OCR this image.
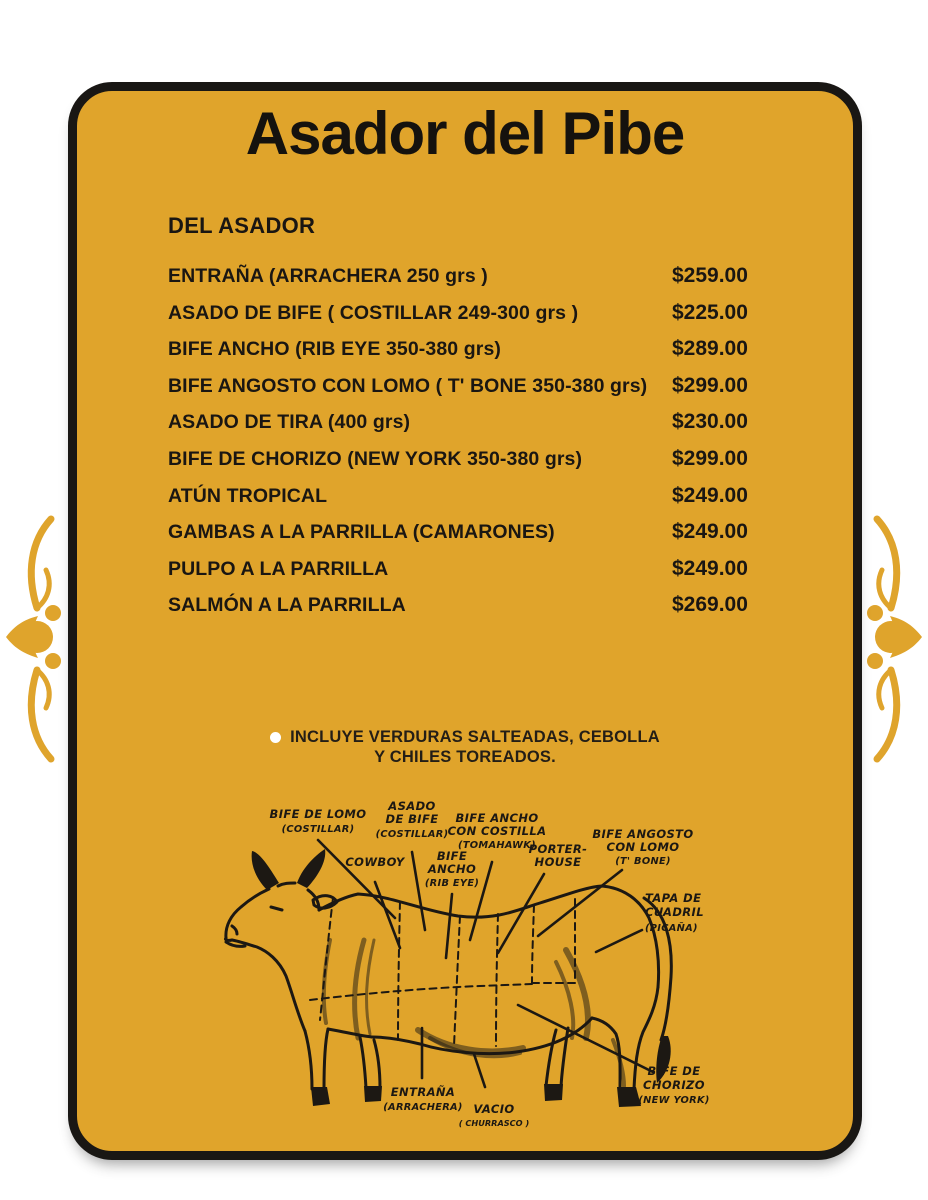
Asador del Pibe
DEL ASADOR
ENTRAÑA (ARRACHERA 250 grs )	$259.00
ASADO DE BIFE ( COSTILLAR 249-300 grs )	$225.00
BIFE ANCHO (RIB EYE 350-380 grs)	$289.00
BIFE ANGOSTO CON LOMO ( T' BONE 350-380 grs) $299.00
ASADO DE TIRA (400 grs)	$230.00
BIFE DE CHORIZO (NEW YORK 350-380 grs)	$299.00
ATÚN TROPICAL	$249.00
GAMBAS A LA PARRILLA (CAMARONES)	$249.00
PULPO A LA PARRILLA	$249.00
SALMÓN A LA PARRILLA	$269.00
INCLUYE VERDURAS SALTEADAS, CEBOLLA
Y CHILES TOREADOS.
BIFE DE LOMO
(COSTILLAR)
ASADO
DE BIFE
(COSTILLAR)
BIFE ANCHO
CON COSTILLA
(TOMAHAWK)
COWBOY	BIFE
ANCHO
(RIB EYE)
PORTER-
HOUSE
BIFE ANGOSTO
CON LOMO
(T' BONE)
TAPA DE
CUADRIL
(PICAÑA)
ENTRAÑA
(ARRACHERA) VACIO
( CHURRASCO )
BIFE DE
CHORIZO
(NEW YORK)
